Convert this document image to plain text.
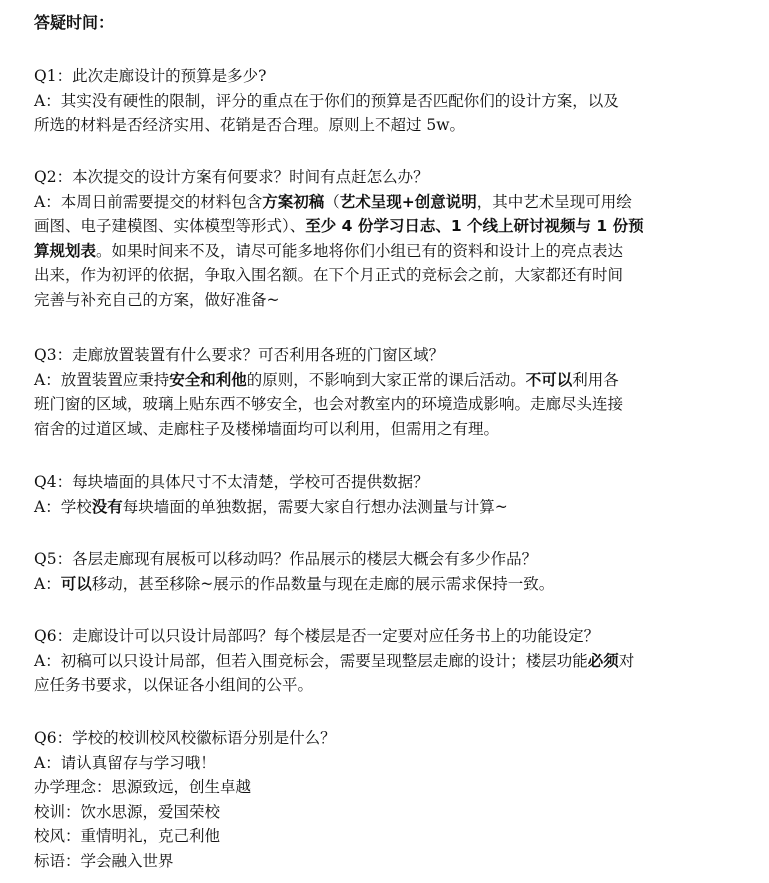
答疑时间：
Q1：此次走廊设计的预算是多少?
A：其实没有硬性的限制，评分的重点在于你们的预算是否匹配你们的设计方案，以及
所选的材料是否经济实用、花销是否合理。原则上不超过 5w。
Q2：本次提交的设计方案有何要求？时间有点赶怎么办？
A：本周日前需要提交的材料包含方案初稿（艺术呈现+创意说明，其中艺术呈现可用绘
画图、电子建模图、实体模型等形式）、至少 4 份学习日志、1 个线上研讨视频与 1 份预
算规划表。如果时间来不及，请尽可能多地将你们小组已有的资料和设计上的亮点表达
出来，作为初评的依据，争取入围名额。在下个月正式的竞标会之前，大家都还有时间
完善与补充自己的方案，做好准备~
Q3：走廊放置装置有什么要求？可否利用各班的门窗区域？
A：放置装置应秉持安全和利他的原则，不影响到大家正常的课后活动。不可以利用各
班门窗的区域，玻璃上贴东西不够安全，也会对教室内的环境造成影响。走廊尽头连接
宿舍的过道区域、走廊柱子及楼梯墙面均可以利用，但需用之有理。
Q4：每块墙面的具体尺寸不太清楚，学校可否提供数据？
A：学校没有每块墙面的单独数据，需要大家自行想办法测量与计算~
Q5：各层走廊现有展板可以移动吗？作品展示的楼层大概会有多少作品？
A：可以移动，甚至移除~展示的作品数量与现在走廊的展示需求保持一致。
Q6：走廊设计可以只设计局部吗？每个楼层是否一定要对应任务书上的功能设定？
A：初稿可以只设计局部，但若入围竞标会，需要呈现整层走廊的设计；楼层功能必须对
应任务书要求，以保证各小组间的公平。
Q6：学校的校训校风校徽标语分别是什么？
A：请认真留存与学习哦！
办学理念：思源致远，创生卓越
校训：饮水思源，爱国荣校
校风：重情明礼，克己利他
标语：学会融入世界
